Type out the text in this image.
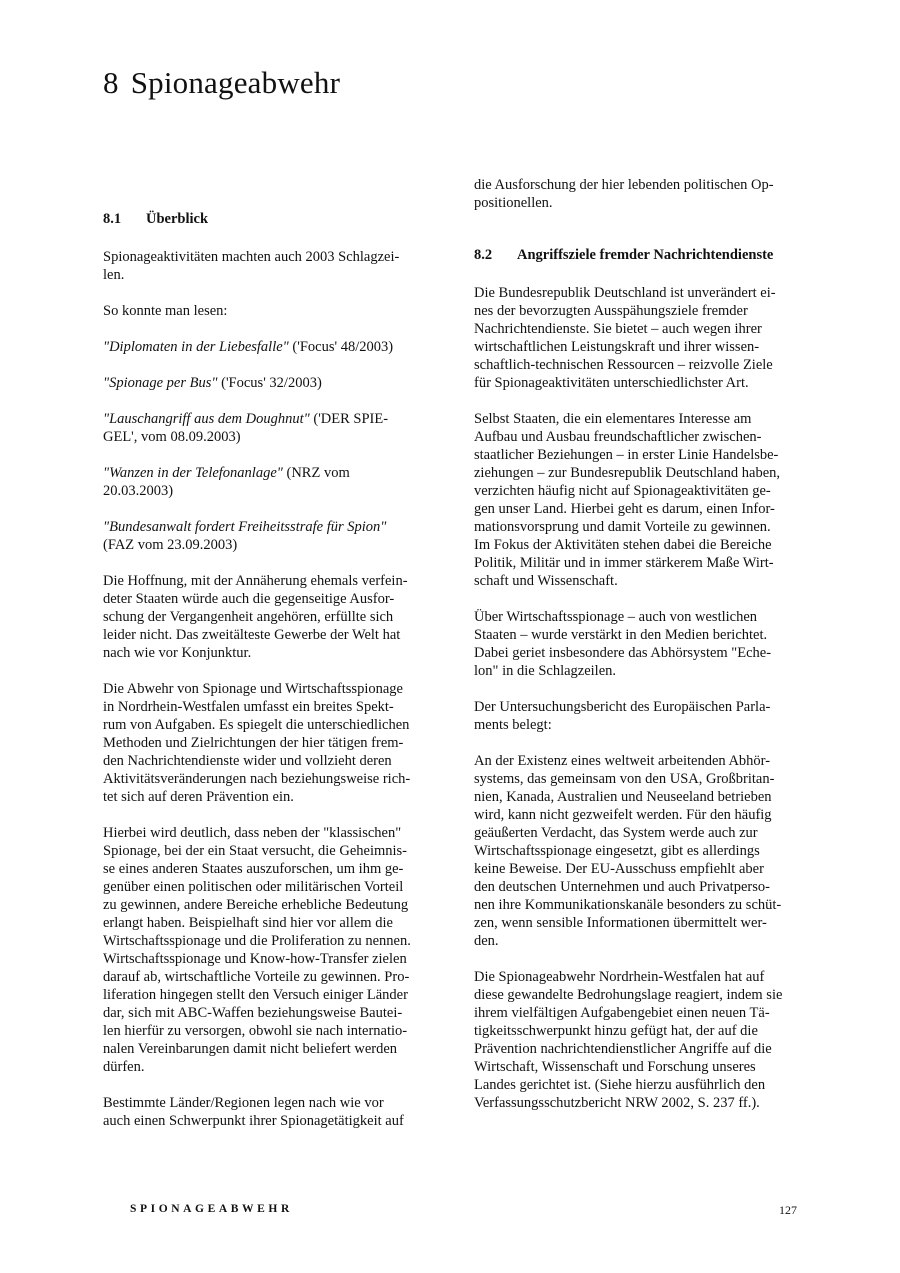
8 Spionageabwehr
8.1 Überblick

Spionageaktivitäten machten auch 2003 Schlagzei-
len.

So konnte man lesen:

"Diplomaten in der Liebesfalle" ('Focus' 48/2003)

"Spionage per Bus" ('Focus' 32/2003)

"Lauschangriff aus dem Doughnut" ('DER SPIE-
GEL', vom 08.09.2003)

"Wanzen in der Telefonanlage" (NRZ vom
20.03.2003)

"Bundesanwalt fordert Freiheitsstrafe für Spion"
(FAZ vom 23.09.2003)

Die Hoffnung, mit der Annäherung ehemals verfein-
deter Staaten würde auch die gegenseitige Ausfor-
schung der Vergangenheit angehören, erfüllte sich
leider nicht. Das zweitälteste Gewerbe der Welt hat
nach wie vor Konjunktur.

Die Abwehr von Spionage und Wirtschaftsspionage
in Nordrhein-Westfalen umfasst ein breites Spekt-
rum von Aufgaben. Es spiegelt die unterschiedlichen
Methoden und Zielrichtungen der hier tätigen frem-
den Nachrichtendienste wider und vollzieht deren
Aktivitätsveränderungen nach beziehungsweise rich-
tet sich auf deren Prävention ein.

Hierbei wird deutlich, dass neben der "klassischen"
Spionage, bei der ein Staat versucht, die Geheimnis-
se eines anderen Staates auszuforschen, um ihm ge-
genüber einen politischen oder militärischen Vorteil
zu gewinnen, andere Bereiche erhebliche Bedeutung
erlangt haben. Beispielhaft sind hier vor allem die
Wirtschaftsspionage und die Proliferation zu nennen.
Wirtschaftsspionage und Know-how-Transfer zielen
darauf ab, wirtschaftliche Vorteile zu gewinnen. Pro-
liferation hingegen stellt den Versuch einiger Länder
dar, sich mit ABC-Waffen beziehungsweise Bautei-
len hierfür zu versorgen, obwohl sie nach internatio-
nalen Vereinbarungen damit nicht beliefert werden
dürfen.

Bestimmte Länder/Regionen legen nach wie vor
auch einen Schwerpunkt ihrer Spionagetätigkeit auf

die Ausforschung der hier lebenden politischen Op-
positionellen.

8.2 Angriffsziele fremder Nachrichtendienste

Die Bundesrepublik Deutschland ist unverändert ei-
nes der bevorzugten Ausspähungsziele fremder
Nachrichtendienste. Sie bietet – auch wegen ihrer
wirtschaftlichen Leistungskraft und ihrer wissen-
schaftlich-technischen Ressourcen – reizvolle Ziele
für Spionageaktivitäten unterschiedlichster Art.

Selbst Staaten, die ein elementares Interesse am
Aufbau und Ausbau freundschaftlicher zwischen-
staatlicher Beziehungen – in erster Linie Handelsbe-
ziehungen – zur Bundesrepublik Deutschland haben,
verzichten häufig nicht auf Spionageaktivitäten ge-
gen unser Land. Hierbei geht es darum, einen Infor-
mationsvorsprung und damit Vorteile zu gewinnen.
Im Fokus der Aktivitäten stehen dabei die Bereiche
Politik, Militär und in immer stärkerem Maße Wirt-
schaft und Wissenschaft.

Über Wirtschaftsspionage – auch von westlichen
Staaten – wurde verstärkt in den Medien berichtet.
Dabei geriet insbesondere das Abhörsystem "Eche-
lon" in die Schlagzeilen.

Der Untersuchungsbericht des Europäischen Parla-
ments belegt:

An der Existenz eines weltweit arbeitenden Abhör-
systems, das gemeinsam von den USA, Großbritan-
nien, Kanada, Australien und Neuseeland betrieben
wird, kann nicht gezweifelt werden. Für den häufig
geäußerten Verdacht, das System werde auch zur
Wirtschaftsspionage eingesetzt, gibt es allerdings
keine Beweise. Der EU-Ausschuss empfiehlt aber
den deutschen Unternehmen und auch Privatperso-
nen ihre Kommunikationskanäle besonders zu schüt-
zen, wenn sensible Informationen übermittelt wer-
den.

Die Spionageabwehr Nordrhein-Westfalen hat auf
diese gewandelte Bedrohungslage reagiert, indem sie
ihrem vielfältigen Aufgabengebiet einen neuen Tä-
tigkeitsschwerpunkt hinzu gefügt hat, der auf die
Prävention nachrichtendienstlicher Angriffe auf die
Wirtschaft, Wissenschaft und Forschung unseres
Landes gerichtet ist. (Siehe hierzu ausführlich den
Verfassungsschutzbericht NRW 2002, S. 237 ff.).

SPIONAGEABWEHR	127
